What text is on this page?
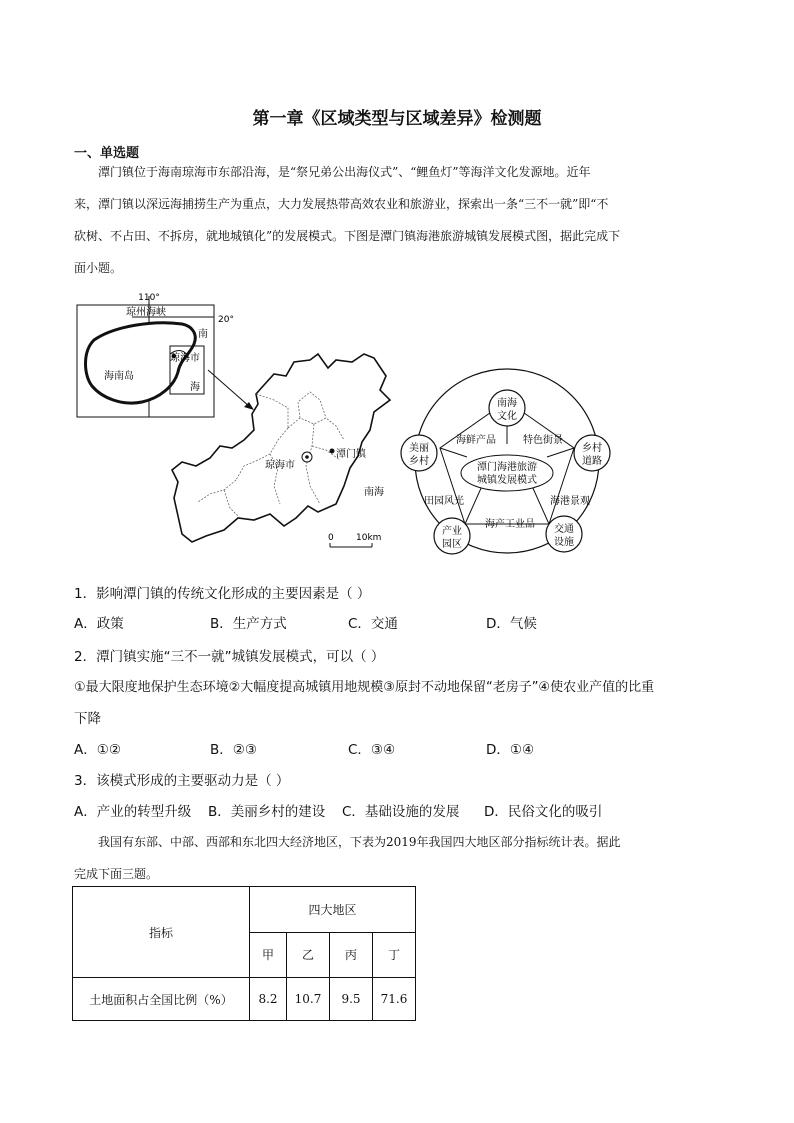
第一章《区域类型与区域差异》检测题
一、单选题
潭门镇位于海南琼海市东部沿海，是“祭兄弟公出海仪式”、“鲤鱼灯”等海洋文化发源地。近年
来，潭门镇以深远海捕捞生产为重点，大力发展热带高效农业和旅游业，探索出一条“三不一就”即“不
砍树、不占田、不拆房，就地城镇化”的发展模式。下图是潭门镇海港旅游城镇发展模式图，据此完成下
面小题。
110°
20°
琼州海峡
海南岛
琼海市
南
海
琼海市
潭门镇
南海
0 10km
潭门海港旅游
城镇发展模式
南海
文化
乡村
道路
交通
设施
产业
园区
美丽
乡村
海鲜产品	特色街景
海港景观
海产工业品
田园风光
1．影响潭门镇的传统文化形成的主要因素是（ ）
A．政策	B．生产方式	C．交通	D．气候
2．潭门镇实施“三不一就”城镇发展模式，可以（ ）
①最大限度地保护生态环境②大幅度提高城镇用地规模③原封不动地保留“老房子”④使农业产值的比重
下降
A．①②	B．②③	C．③④	D．①④
3．该模式形成的主要驱动力是（ ）
A．产业的转型升级 B．美丽乡村的建设 C．基础设施的发展 D．民俗文化的吸引
我国有东部、中部、西部和东北四大经济地区，下表为2019年我国四大地区部分指标统计表。据此
完成下面三题。
指标	四大地区			
	甲	乙	丙	丁
土地面积占全国比例（%）	8.2	10.7	9.5	71.6
